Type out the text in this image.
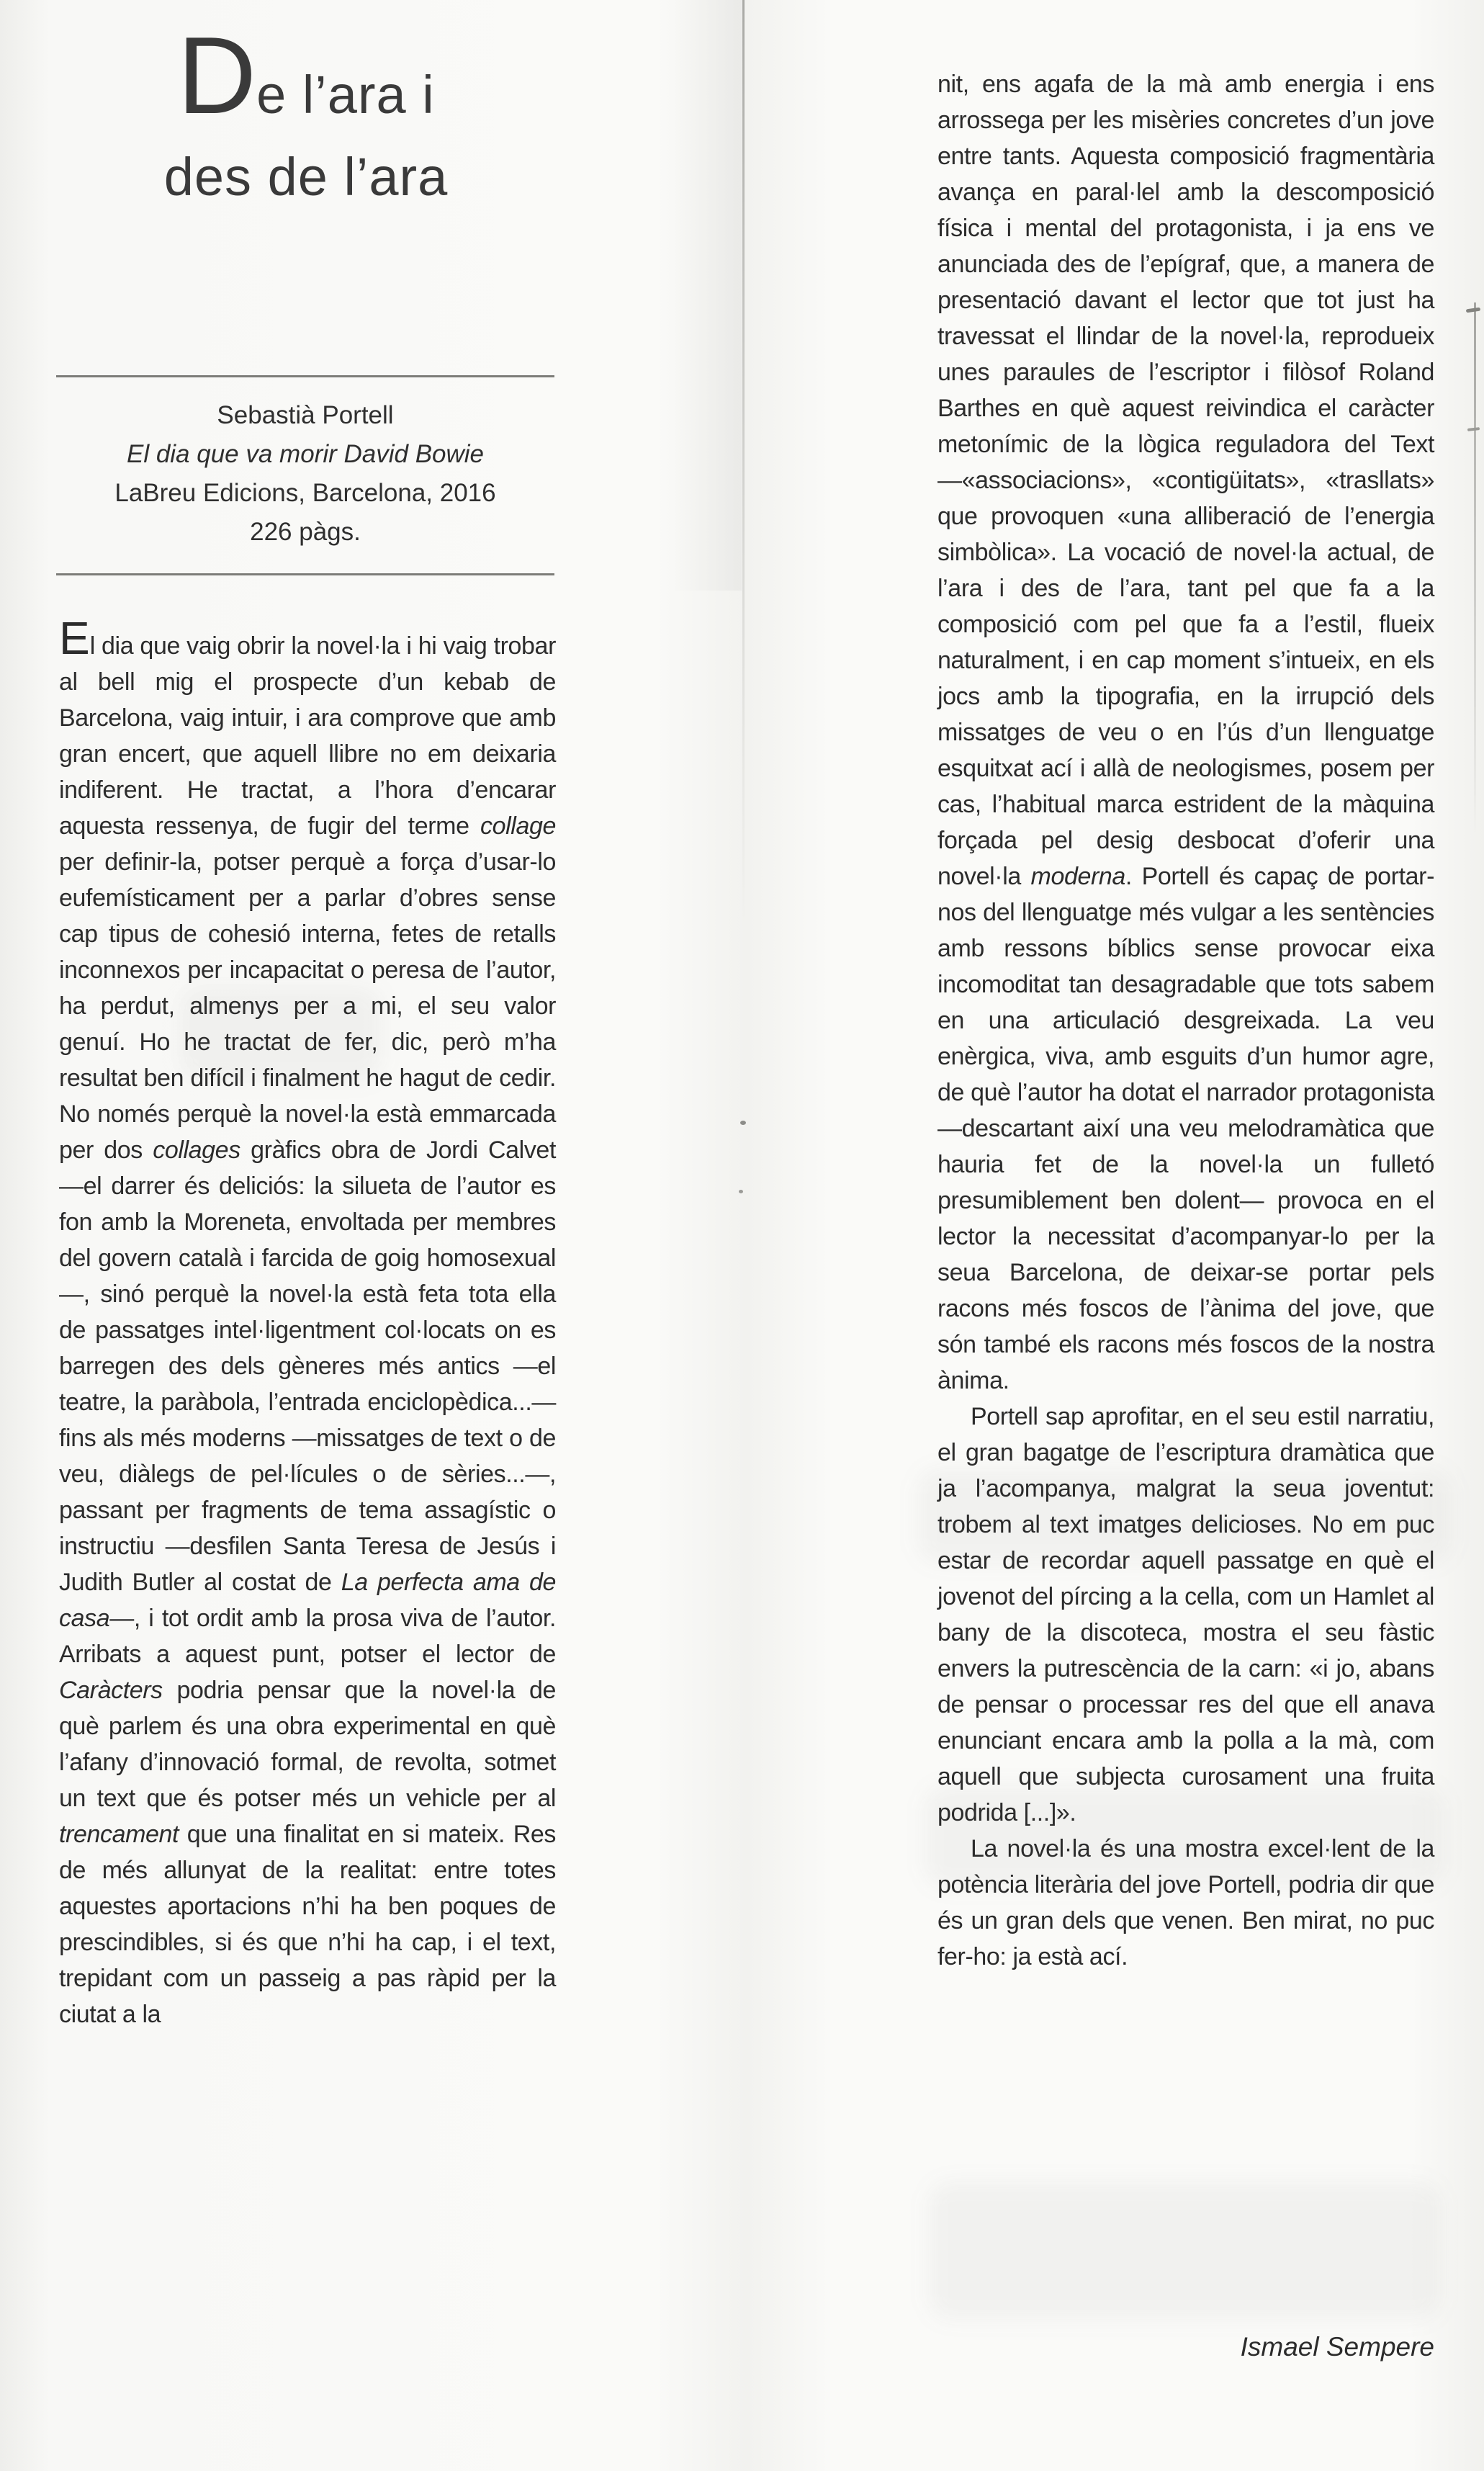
De l’ara i
des de l’ara
Sebastià Portell
El dia que va morir David Bowie
LaBreu Edicions, Barcelona, 2016
226 pàgs.

El dia que vaig obrir la novel·la i hi vaig trobar al bell mig el prospecte d’un kebab de Barcelona, vaig intuir, i ara comprove que amb gran encert, que aquell llibre no em deixaria indiferent. He tractat, a l’hora d’encarar aquesta ressenya, de fugir del terme collage per definir-la, potser perquè a força d’usar-lo eufemísticament per a parlar d’obres sense cap tipus de cohesió interna, fetes de retalls inconnexos per incapacitat o peresa de l’autor, ha perdut, almenys per a mi, el seu valor genuí. Ho he tractat de fer, dic, però m’ha resultat ben difícil i finalment he hagut de cedir. No només perquè la novel·la està emmarcada per dos collages gràfics obra de Jordi Calvet —el darrer és deliciós: la silueta de l’autor es fon amb la Moreneta, envoltada per membres del govern català i farcida de goig homosexual—, sinó perquè la novel·la està feta tota ella de passatges intel·ligentment col·locats on es barregen des dels gèneres més antics —el teatre, la paràbola, l’entrada enciclopèdica...— fins als més moderns —missatges de text o de veu, diàlegs de pel·lícules o de sèries...—, passant per fragments de tema assagístic o instructiu —desfilen Santa Teresa de Jesús i Judith Butler al costat de La perfecta ama de casa—, i tot ordit amb la prosa viva de l’autor. Arribats a aquest punt, potser el lector de Caràcters podria pensar que la novel·la de què parlem és una obra experimental en què l’afany d’innovació formal, de revolta, sotmet un text que és potser més un vehicle per al trencament que una finalitat en si mateix. Res de més allunyat de la realitat: entre totes aquestes aportacions n’hi ha ben poques de prescindibles, si és que n’hi ha cap, i el text, trepidant com un passeig a pas ràpid per la ciutat a la

nit, ens agafa de la mà amb energia i ens arrossega per les misèries concretes d’un jove entre tants. Aquesta composició fragmentària avança en paral·lel amb la descomposició física i mental del protagonista, i ja ens ve anunciada des de l’epígraf, que, a manera de presentació davant el lector que tot just ha travessat el llindar de la novel·la, reprodueix unes paraules de l’escriptor i filòsof Roland Barthes en què aquest reivindica el caràcter metonímic de la lògica reguladora del Text —«associacions», «contigüitats», «trasllats» que provoquen «una alliberació de l’energia simbòlica». La vocació de novel·la actual, de l’ara i des de l’ara, tant pel que fa a la composició com pel que fa a l’estil, flueix naturalment, i en cap moment s’intueix, en els jocs amb la tipografia, en la irrupció dels missatges de veu o en l’ús d’un llenguatge esquitxat ací i allà de neologismes, posem per cas, l’habitual marca estrident de la màquina forçada pel desig desbocat d’oferir una novel·la moderna. Portell és capaç de portar-nos del llenguatge més vulgar a les sentències amb ressons bíblics sense provocar eixa incomoditat tan desagradable que tots sabem en una articulació desgreixada. La veu enèrgica, viva, amb esguits d’un humor agre, de què l’autor ha dotat el narrador protagonista —descartant així una veu melodramàtica que hauria fet de la novel·la un fulletó presumiblement ben dolent— provoca en el lector la necessitat d’acompanyar-lo per la seua Barcelona, de deixar-se portar pels racons més foscos de l’ànima del jove, que són també els racons més foscos de la nostra ànima.

Portell sap aprofitar, en el seu estil narratiu, el gran bagatge de l’escriptura dramàtica que ja l’acompanya, malgrat la seua joventut: trobem al text imatges delicioses. No em puc estar de recordar aquell passatge en què el jovenot del pírcing a la cella, com un Hamlet al bany de la discoteca, mostra el seu fàstic envers la putrescència de la carn: «i jo, abans de pensar o processar res del que ell anava enunciant encara amb la polla a la mà, com aquell que subjecta curosament una fruita podrida [...]».

La novel·la és una mostra excel·lent de la potència literària del jove Portell, podria dir que és un gran dels que venen. Ben mirat, no puc fer-ho: ja està ací.

Ismael Sempere
